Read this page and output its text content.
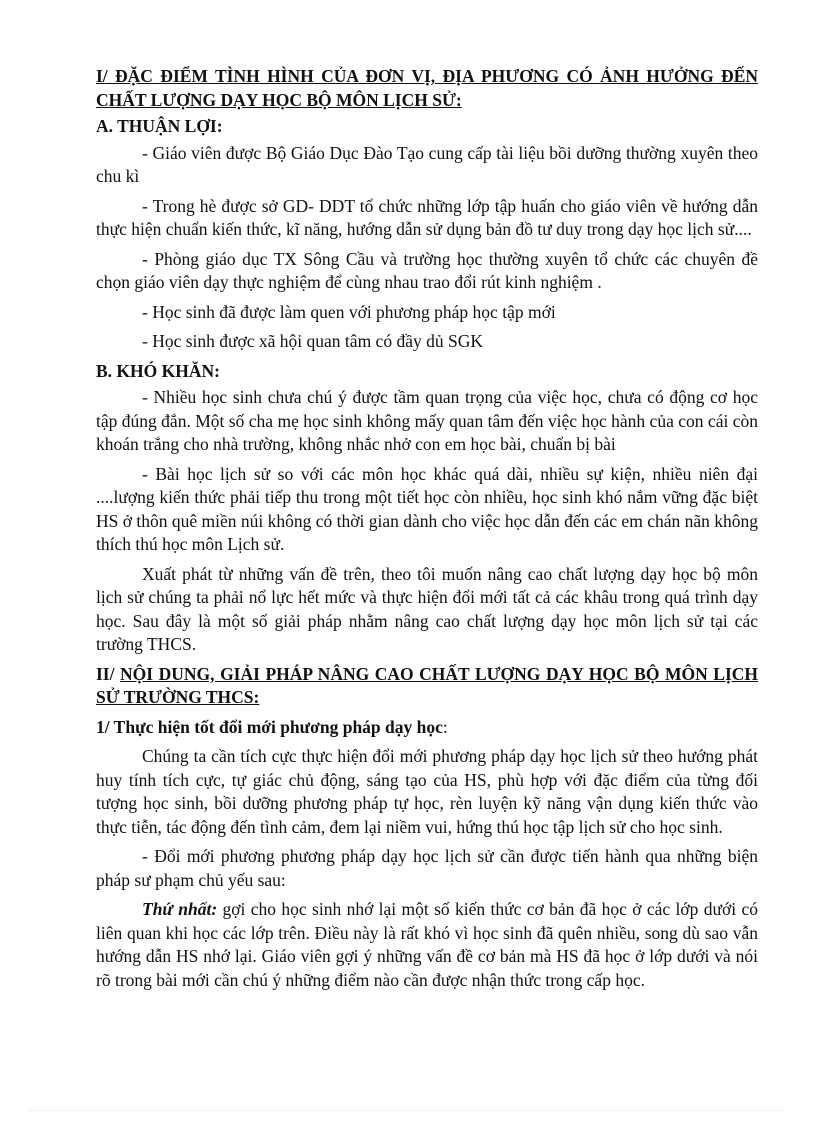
I/ ĐẶC ĐIỂM TÌNH HÌNH CỦA ĐƠN VỊ, ĐỊA PHƯƠNG CÓ ẢNH HƯỞNG ĐẾN CHẤT LƯỢNG DẠY HỌC BỘ MÔN LỊCH SỬ:

A. THUẬN LỢI:

- Giáo viên được Bộ Giáo Dục Đào Tạo cung cấp tài liệu bồi dưỡng thường xuyên theo chu kì

- Trong hè được sở GD- DDT tổ chức những lớp tập huấn cho giáo viên về hướng dẫn thực hiện chuẩn kiến thức, kĩ năng, hướng dẫn sử dụng bản đồ tư duy trong dạy học lịch sử....

- Phòng giáo dục TX Sông Cầu và trường học thường xuyên tổ chức các chuyên đề chọn giáo viên dạy thực nghiệm để cùng nhau trao đổi rút kinh nghiệm .

- Học sinh đã được làm quen với phương pháp học tập mới

- Học sinh được xã hội quan tâm có đầy dủ SGK

B. KHÓ KHĂN:

- Nhiều học sinh chưa chú ý được tầm quan trọng của việc học, chưa có động cơ học tập đúng đắn. Một số cha mẹ học sinh không mấy quan tâm đến việc học hành của con cái còn khoán trắng cho nhà trường, không nhắc nhở con em học bài, chuẩn bị bài

- Bài học lịch sử so với các môn học khác quá dài, nhiều sự kiện, nhiều niên đại ....lượng kiến thức phải tiếp thu trong một tiết học còn nhiều, học sinh khó nắm vững đặc biệt HS ở thôn quê miền núi không có thời gian dành cho việc học dẫn đến các em chán nãn không thích thú học môn Lịch sử.

Xuất phát từ những vấn đề trên, theo tôi muốn nâng cao chất lượng dạy học bộ môn lịch sử chúng ta phải nổ lực hết mức và thực hiện đổi mới tất cả các khâu trong quá trình dạy học. Sau đây là một số giải pháp nhằm nâng cao chất lượng dạy học môn lịch sử tại các trường THCS.

II/ NỘI DUNG, GIẢI PHÁP NÂNG CAO CHẤT LƯỢNG DẠY HỌC BỘ MÔN LỊCH SỬ TRƯỜNG THCS:

1/ Thực hiện tốt đổi mới phương pháp dạy học:

Chúng ta cần tích cực thực hiện đổi mới phương pháp dạy học lịch sử theo hướng phát huy tính tích cực, tự giác chủ động, sáng tạo của HS, phù hợp với đặc điểm của từng đối tượng học sinh, bồi dưỡng phương pháp tự học, rèn luyện kỹ năng vận dụng kiến thức vào thực tiễn, tác động đến tình cảm, đem lại niềm vui, hứng thú học tập lịch sử cho học sinh.

- Đổi mới phương phương pháp dạy học lịch sử cần được tiến hành qua những biện pháp sư phạm chủ yếu sau:

Thứ nhất: gợi cho học sinh nhớ lại một số kiến thức cơ bản đã học ở các lớp dưới có liên quan khi học các lớp trên. Điều này là rất khó vì học sinh đã quên nhiều, song dù sao vẫn hướng dẫn HS nhớ lại. Giáo viên gợi ý những vấn đề cơ bản mà HS đã học ở lớp dưới và nói rõ trong bài mới cần chú ý những điểm nào cần được nhận thức trong cấp học.
